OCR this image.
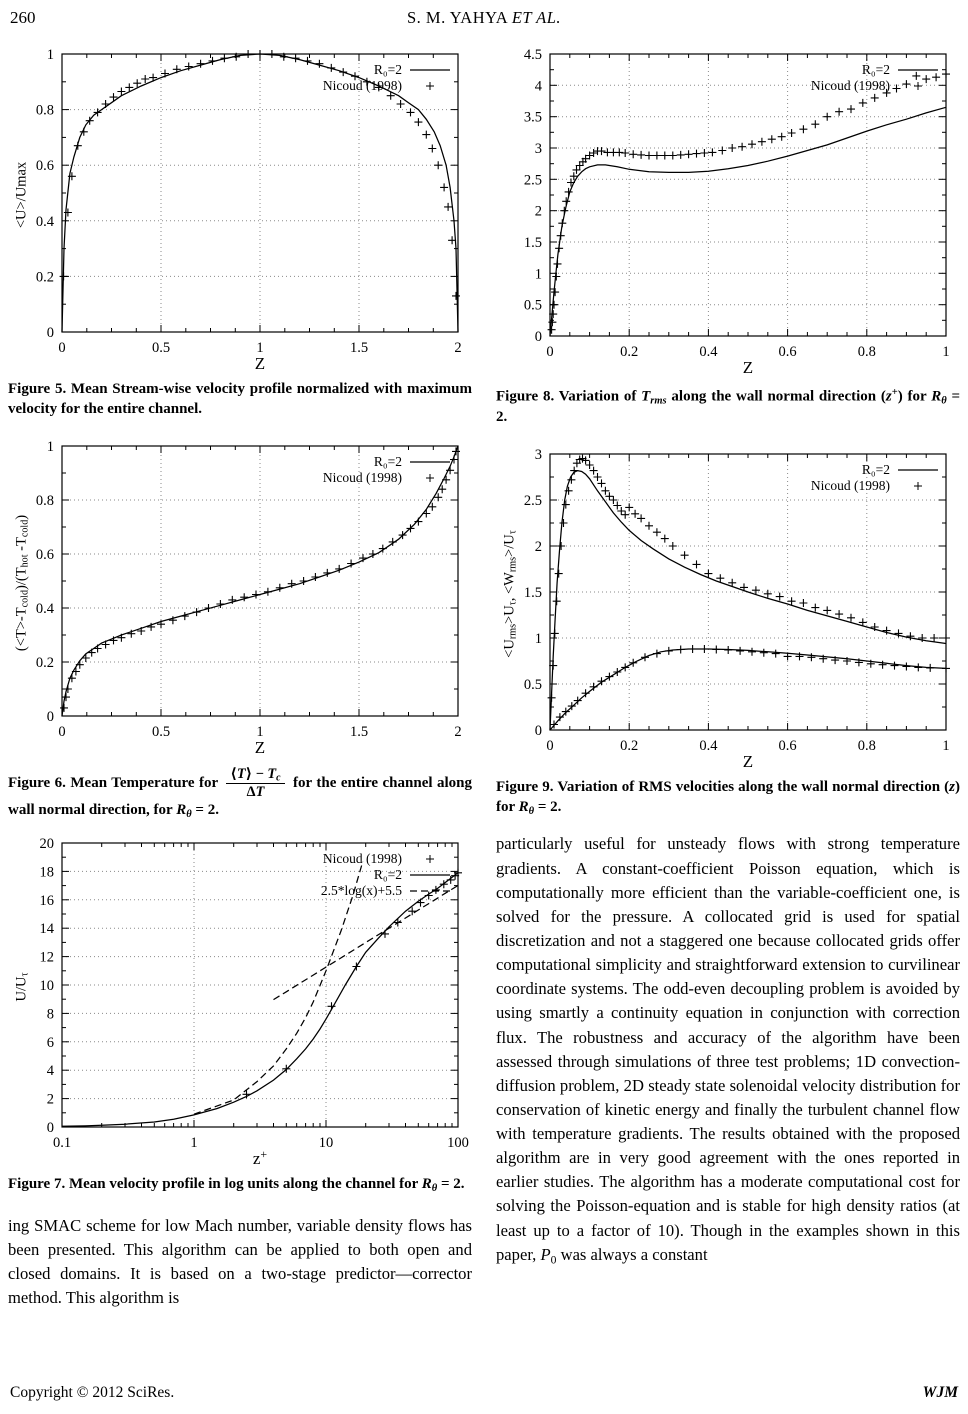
260	S. M. YAHYA ET AL.
0	0.5	1	1.5	2
0
0.2
0.4
0.6
0.8
1
R₀=2
Nicoud (1998)
<U>/Umax
Z
Figure 5. Mean Stream-wise velocity profile normalized with maximum velocity for the entire channel.
0	0.5	1	1.5	2
0
0.2
0.4
0.6
0.8
1
R₀=2
Nicoud (1998)
(<T>-Tcold)/(Thot -Tcold)
Z
Figure 6. Mean Temperature for $\frac{⟨T⟩ - Tc}{\Delta T}$ for the entire channel along wall normal direction, for Rθ = 2.
0.1	1	10	100
0
2
4
6
8
10
12
14
16
18
20
Nicoud (1998)
R₀=2
2.5*log(x)+5.5
U/Uτ
z+
Figure 7. Mean velocity profile in log units along the channel for Rθ = 2.
ing SMAC scheme for low Mach number, variable density flows has been presented. This algorithm can be applied to both open and closed domains. It is based on a two-stage predictor—corrector method. This algorithm is
0	0.2	0.4	0.6	0.8	1
0
0.5
1
1.5
2
2.5
3
3.5
4
4.5
R₀=2
Nicoud (1998)
Z
Figure 8. Variation of Trms along the wall normal direction (z+) for Rθ = 2.
0	0.2	0.4	0.6	0.8	1
0
0.5
1
1.5
2
2.5
3
R₀=2
Nicoud (1998)
<Urms>Uτ, <Wrms>/Uτ
Z
Figure 9. Variation of RMS velocities along the wall normal direction (z) for Rθ = 2.
particularly useful for unsteady flows with strong temperature gradients. A constant-coefficient Poisson equation, which is computationally more efficient than the variable-coefficient one, is solved for the pressure. A collocated grid is used for spatial discretization and not a staggered one because collocated grids offer computational simplicity and straightforward extension to curvilinear coordinate systems. The odd-even decoupling problem is avoided by using smartly a continuity equation in conjunction with correction flux. The robustness and accuracy of the algorithm have been assessed through simulations of three test problems; 1D convection-diffusion problem, 2D steady state solenoidal velocity distribution for conservation of kinetic energy and finally the turbulent channel flow with temperature gradients. The results obtained with the proposed algorithm are in very good agreement with the ones reported in earlier studies. The algorithm has a moderate computational cost for solving the Poisson-equation and is stable for high density ratios (at least up to a factor of 10). Though in the examples shown in this paper, $P_0$ was always a constant
Copyright © 2012 SciRes.	WJM
